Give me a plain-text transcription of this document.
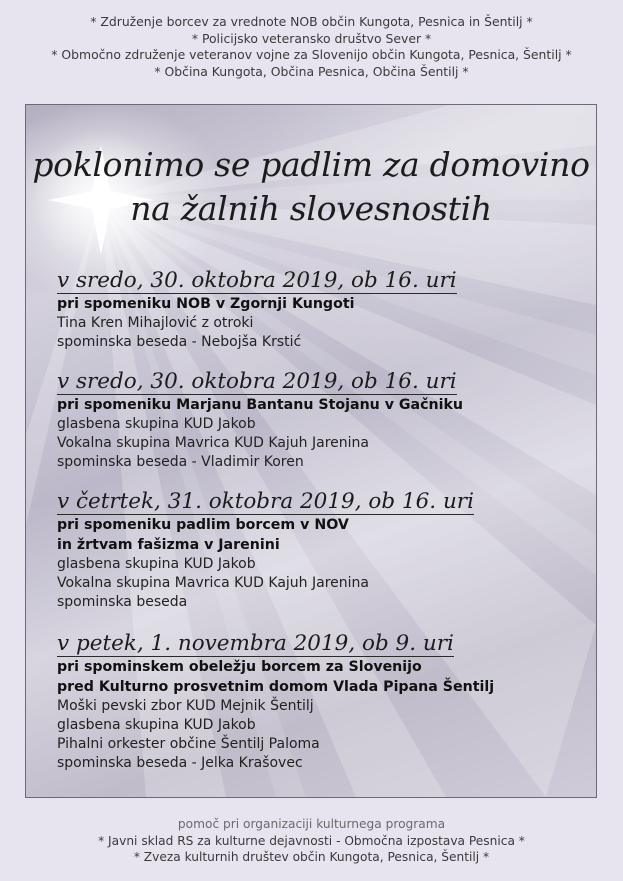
* Združenje borcev za vrednote NOB občin Kungota, Pesnica in Šentilj *
* Policijsko veteransko društvo Sever *
* Območno združenje veteranov vojne za Slovenijo občin Kungota, Pesnica, Šentilj *
* Občina Kungota, Občina Pesnica, Občina Šentilj *
poklonimo se padlim za domovino
na žalnih slovesnostih
v sredo, 30. oktobra 2019, ob 16. uri
pri spomeniku NOB v Zgornji Kungoti
Tina Kren Mihajlović z otroki
spominska beseda - Nebojša Krstić
v sredo, 30. oktobra 2019, ob 16. uri
pri spomeniku Marjanu Bantanu Stojanu v Gačniku
glasbena skupina KUD Jakob
Vokalna skupina Mavrica KUD Kajuh Jarenina
spominska beseda - Vladimir Koren
v četrtek, 31. oktobra 2019, ob 16. uri
pri spomeniku padlim borcem v NOV
in žrtvam fašizma v Jarenini
glasbena skupina KUD Jakob
Vokalna skupina Mavrica KUD Kajuh Jarenina
spominska beseda
v petek, 1. novembra 2019, ob 9. uri
pri spominskem obeležju borcem za Slovenijo
pred Kulturno prosvetnim domom Vlada Pipana Šentilj
Moški pevski zbor KUD Mejnik Šentilj
glasbena skupina KUD Jakob
Pihalni orkester občine Šentilj Paloma
spominska beseda - Jelka Krašovec
pomoč pri organizaciji kulturnega programa
* Javni sklad RS za kulturne dejavnosti - Območna izpostava Pesnica *
* Zveza kulturnih društev občin Kungota, Pesnica, Šentilj *
